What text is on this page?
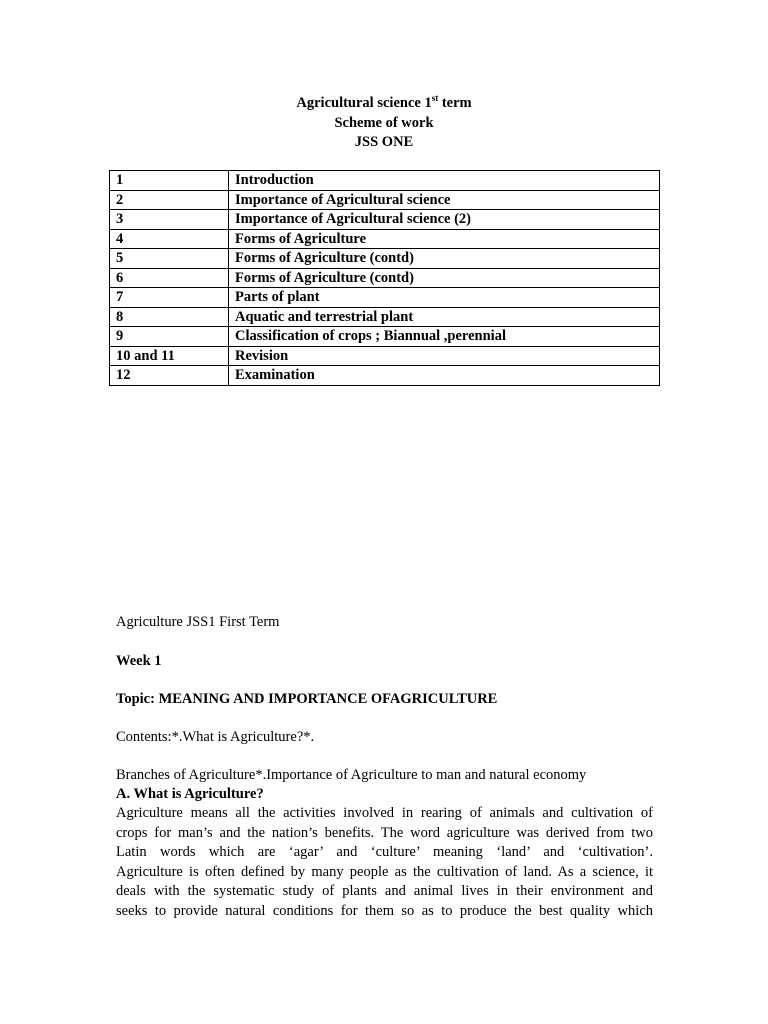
Agricultural science 1st term
Scheme of work
JSS ONE
1	Introduction
2	Importance of Agricultural science
3	Importance of Agricultural science (2)
4	Forms of Agriculture
5	Forms of Agriculture (contd)
6	Forms of Agriculture (contd)
7	Parts of plant
8	Aquatic and terrestrial plant
9	Classification of crops ; Biannual ,perennial
10 and 11	Revision
12	Examination
Agriculture JSS1 First Term
Week 1
Topic: MEANING AND IMPORTANCE OFAGRICULTURE
Contents:*.What is Agriculture?*.
Branches of Agriculture*.Importance of Agriculture to man and natural economy
A. What is Agriculture?

Agriculture means all the activities involved in rearing of animals and cultivation of
crops for man’s and the nation’s benefits. The word agriculture was derived from two
Latin words which are ‘agar’ and ‘culture’ meaning ‘land’ and ‘cultivation’.
Agriculture is often defined by many people as the cultivation of land. As a science, it
deals with the systematic study of plants and animal lives in their environment and
seeks to provide natural conditions for them so as to produce the best quality which
